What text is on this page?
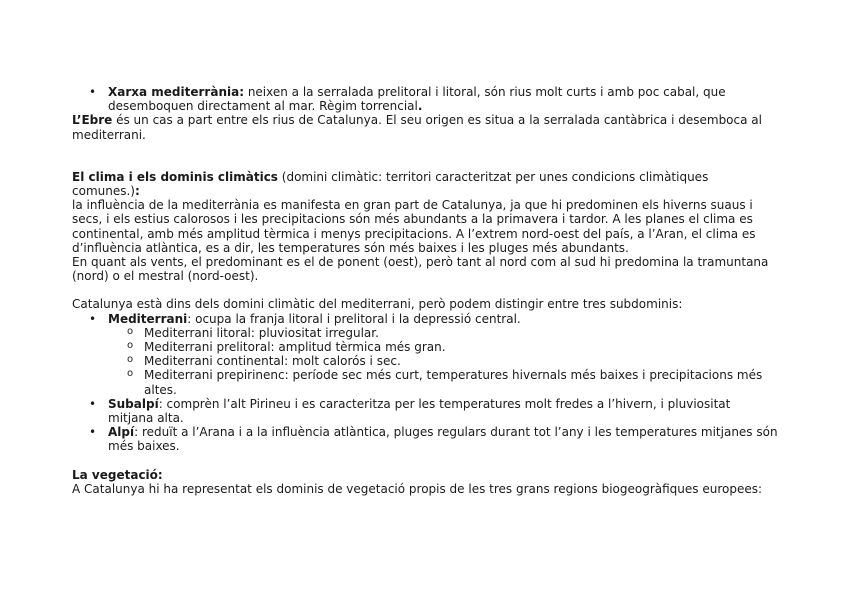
• Xarxa mediterrània: neixen a la serralada prelitoral i litoral, són rius molt curts i amb poc cabal, que desemboquen directament al mar. Règim torrencial.

L’Ebre és un cas a part entre els rius de Catalunya. El seu origen es situa a la serralada cantàbrica i desemboca al mediterrani.

El clima i els dominis climàtics (domini climàtic: territori caracteritzat per unes condicions climàtiques comunes.):

la influència de la mediterrània es manifesta en gran part de Catalunya, ja que hi predominen els hiverns suaus i secs, i els estius calorosos i les precipitacions són més abundants a la primavera i tardor. A les planes el clima es continental, amb més amplitud tèrmica i menys precipitacions. A l’extrem nord-oest del país, a l’Aran, el clima es d’influència atlàntica, es a dir, les temperatures són més baixes i les pluges més abundants.

En quant als vents, el predominant es el de ponent (oest), però tant al nord com al sud hi predomina la tramuntana (nord) o el mestral (nord-oest).

Catalunya està dins dels domini climàtic del mediterrani, però podem distingir entre tres subdominis:

• Mediterrani: ocupa la franja litoral i prelitoral i la depressió central.
o Mediterrani litoral: pluviositat irregular.
o Mediterrani prelitoral: amplitud tèrmica més gran.
o Mediterrani continental: molt calorós i sec.
o Mediterrani prepirinenc: període sec més curt, temperatures hivernals més baixes i precipitacions més altes.
• Subalpí: comprèn l’alt Pirineu i es caracteritza per les temperatures molt fredes a l’hivern, i pluviositat mitjana alta.
• Alpí: reduït a l’Arana i a la influència atlàntica, pluges regulars durant tot l’any i les temperatures mitjanes són més baixes.

La vegetació:

A Catalunya hi ha representat els dominis de vegetació propis de les tres grans regions biogeogràfiques europees:
